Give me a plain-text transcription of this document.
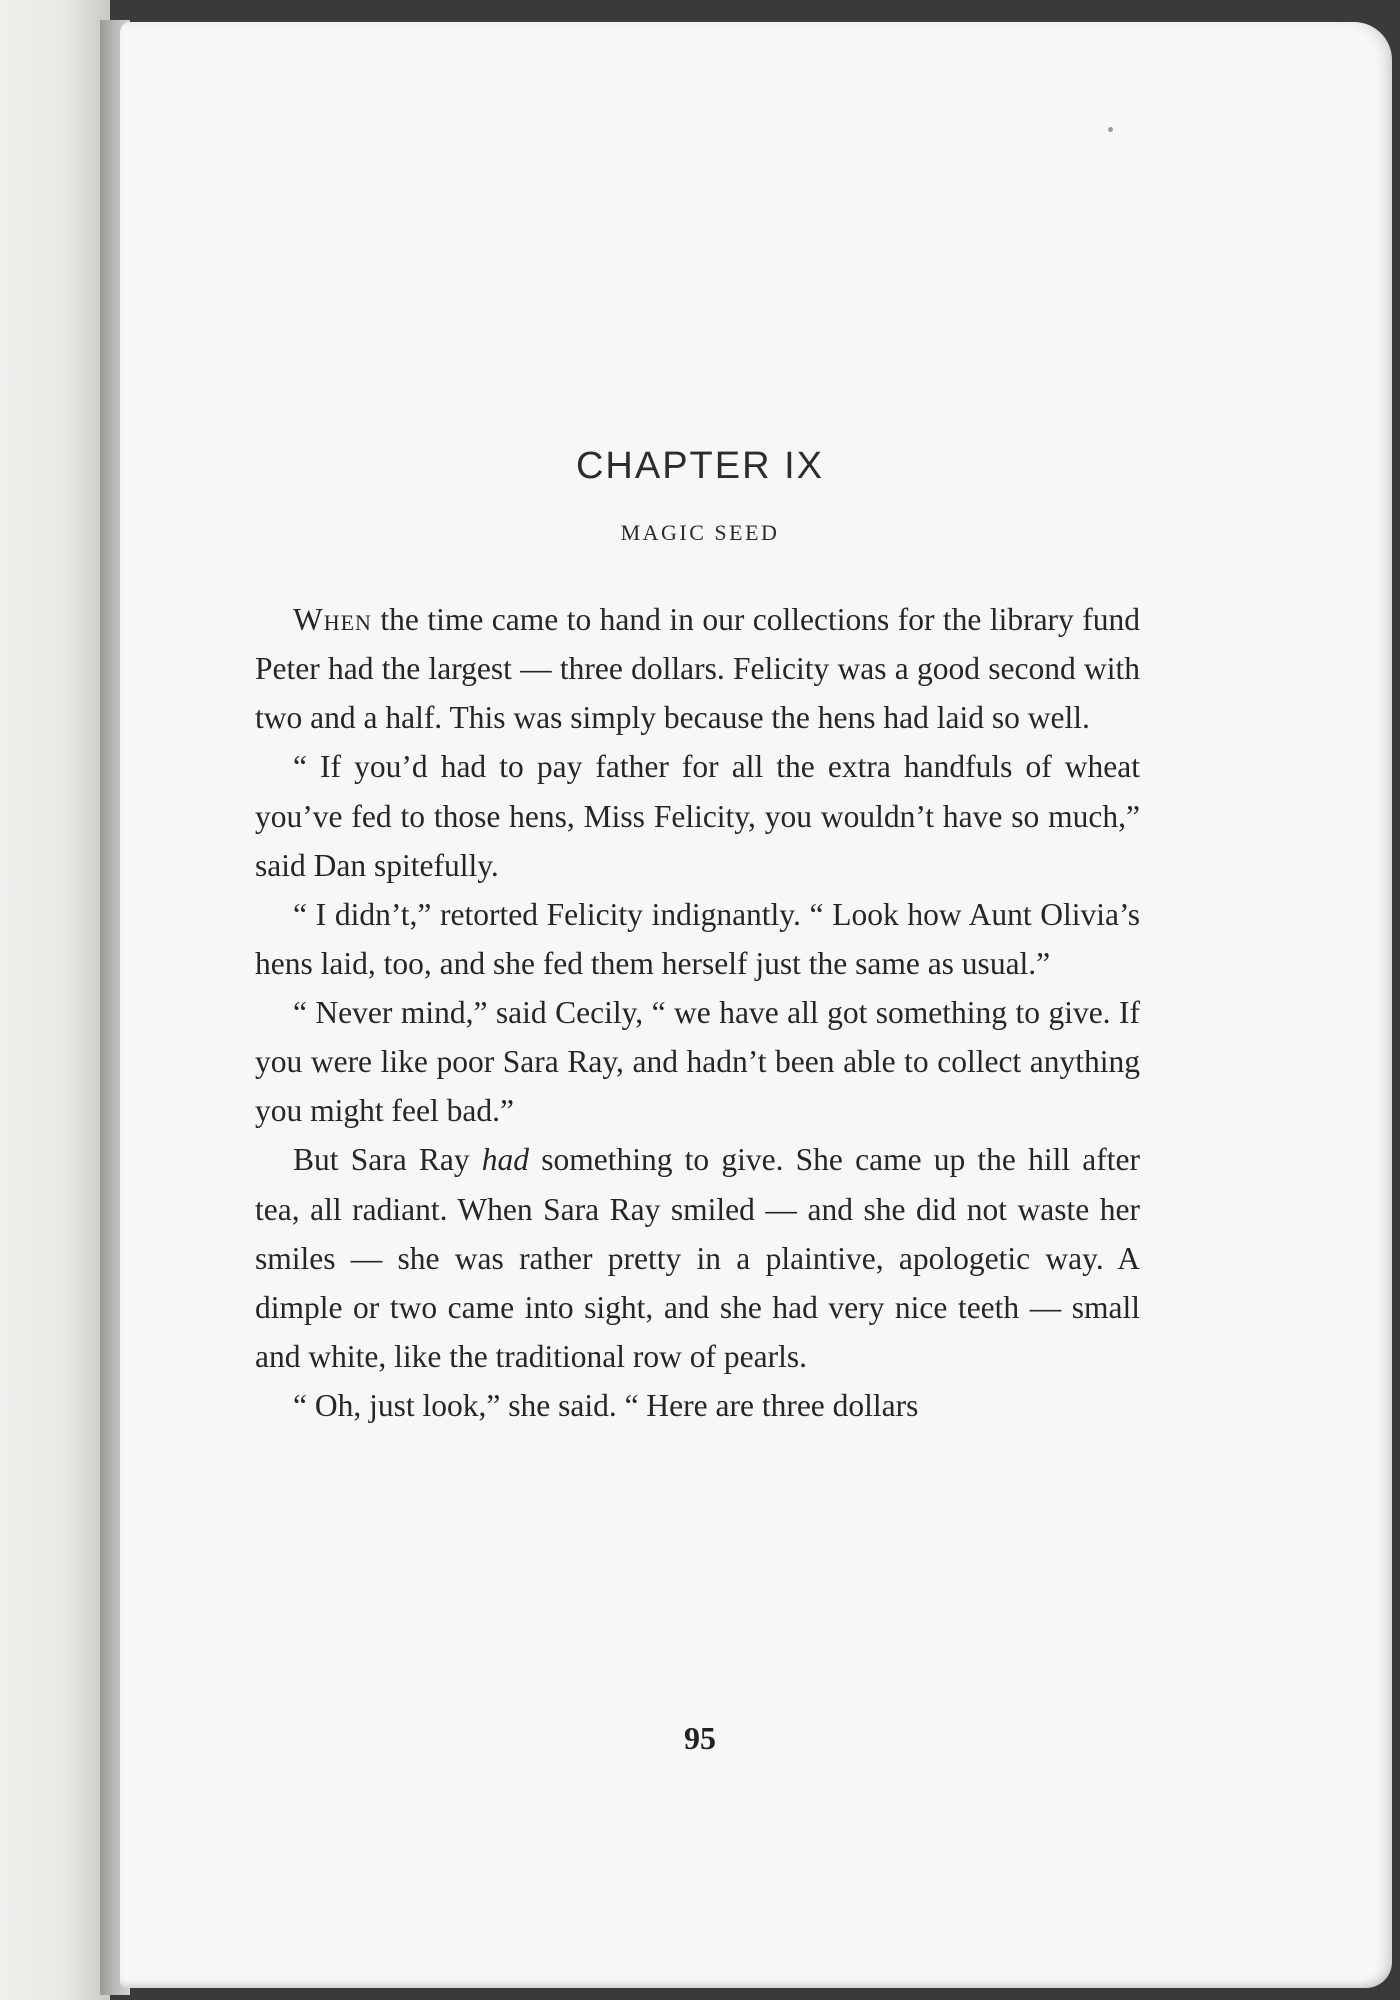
CHAPTER IX
MAGIC SEED

When the time came to hand in our collections for the library fund Peter had the largest — three dollars. Felicity was a good second with two and a half. This was simply because the hens had laid so well.

“ If you’d had to pay father for all the extra handfuls of wheat you’ve fed to those hens, Miss Felicity, you wouldn’t have so much,” said Dan spitefully.

“ I didn’t,” retorted Felicity indignantly. “ Look how Aunt Olivia’s hens laid, too, and she fed them herself just the same as usual.”

“ Never mind,” said Cecily, “ we have all got something to give. If you were like poor Sara Ray, and hadn’t been able to collect anything you might feel bad.”

But Sara Ray had something to give. She came up the hill after tea, all radiant. When Sara Ray smiled — and she did not waste her smiles — she was rather pretty in a plaintive, apologetic way. A dimple or two came into sight, and she had very nice teeth — small and white, like the traditional row of pearls.

“ Oh, just look,” she said. “ Here are three dollars

95
